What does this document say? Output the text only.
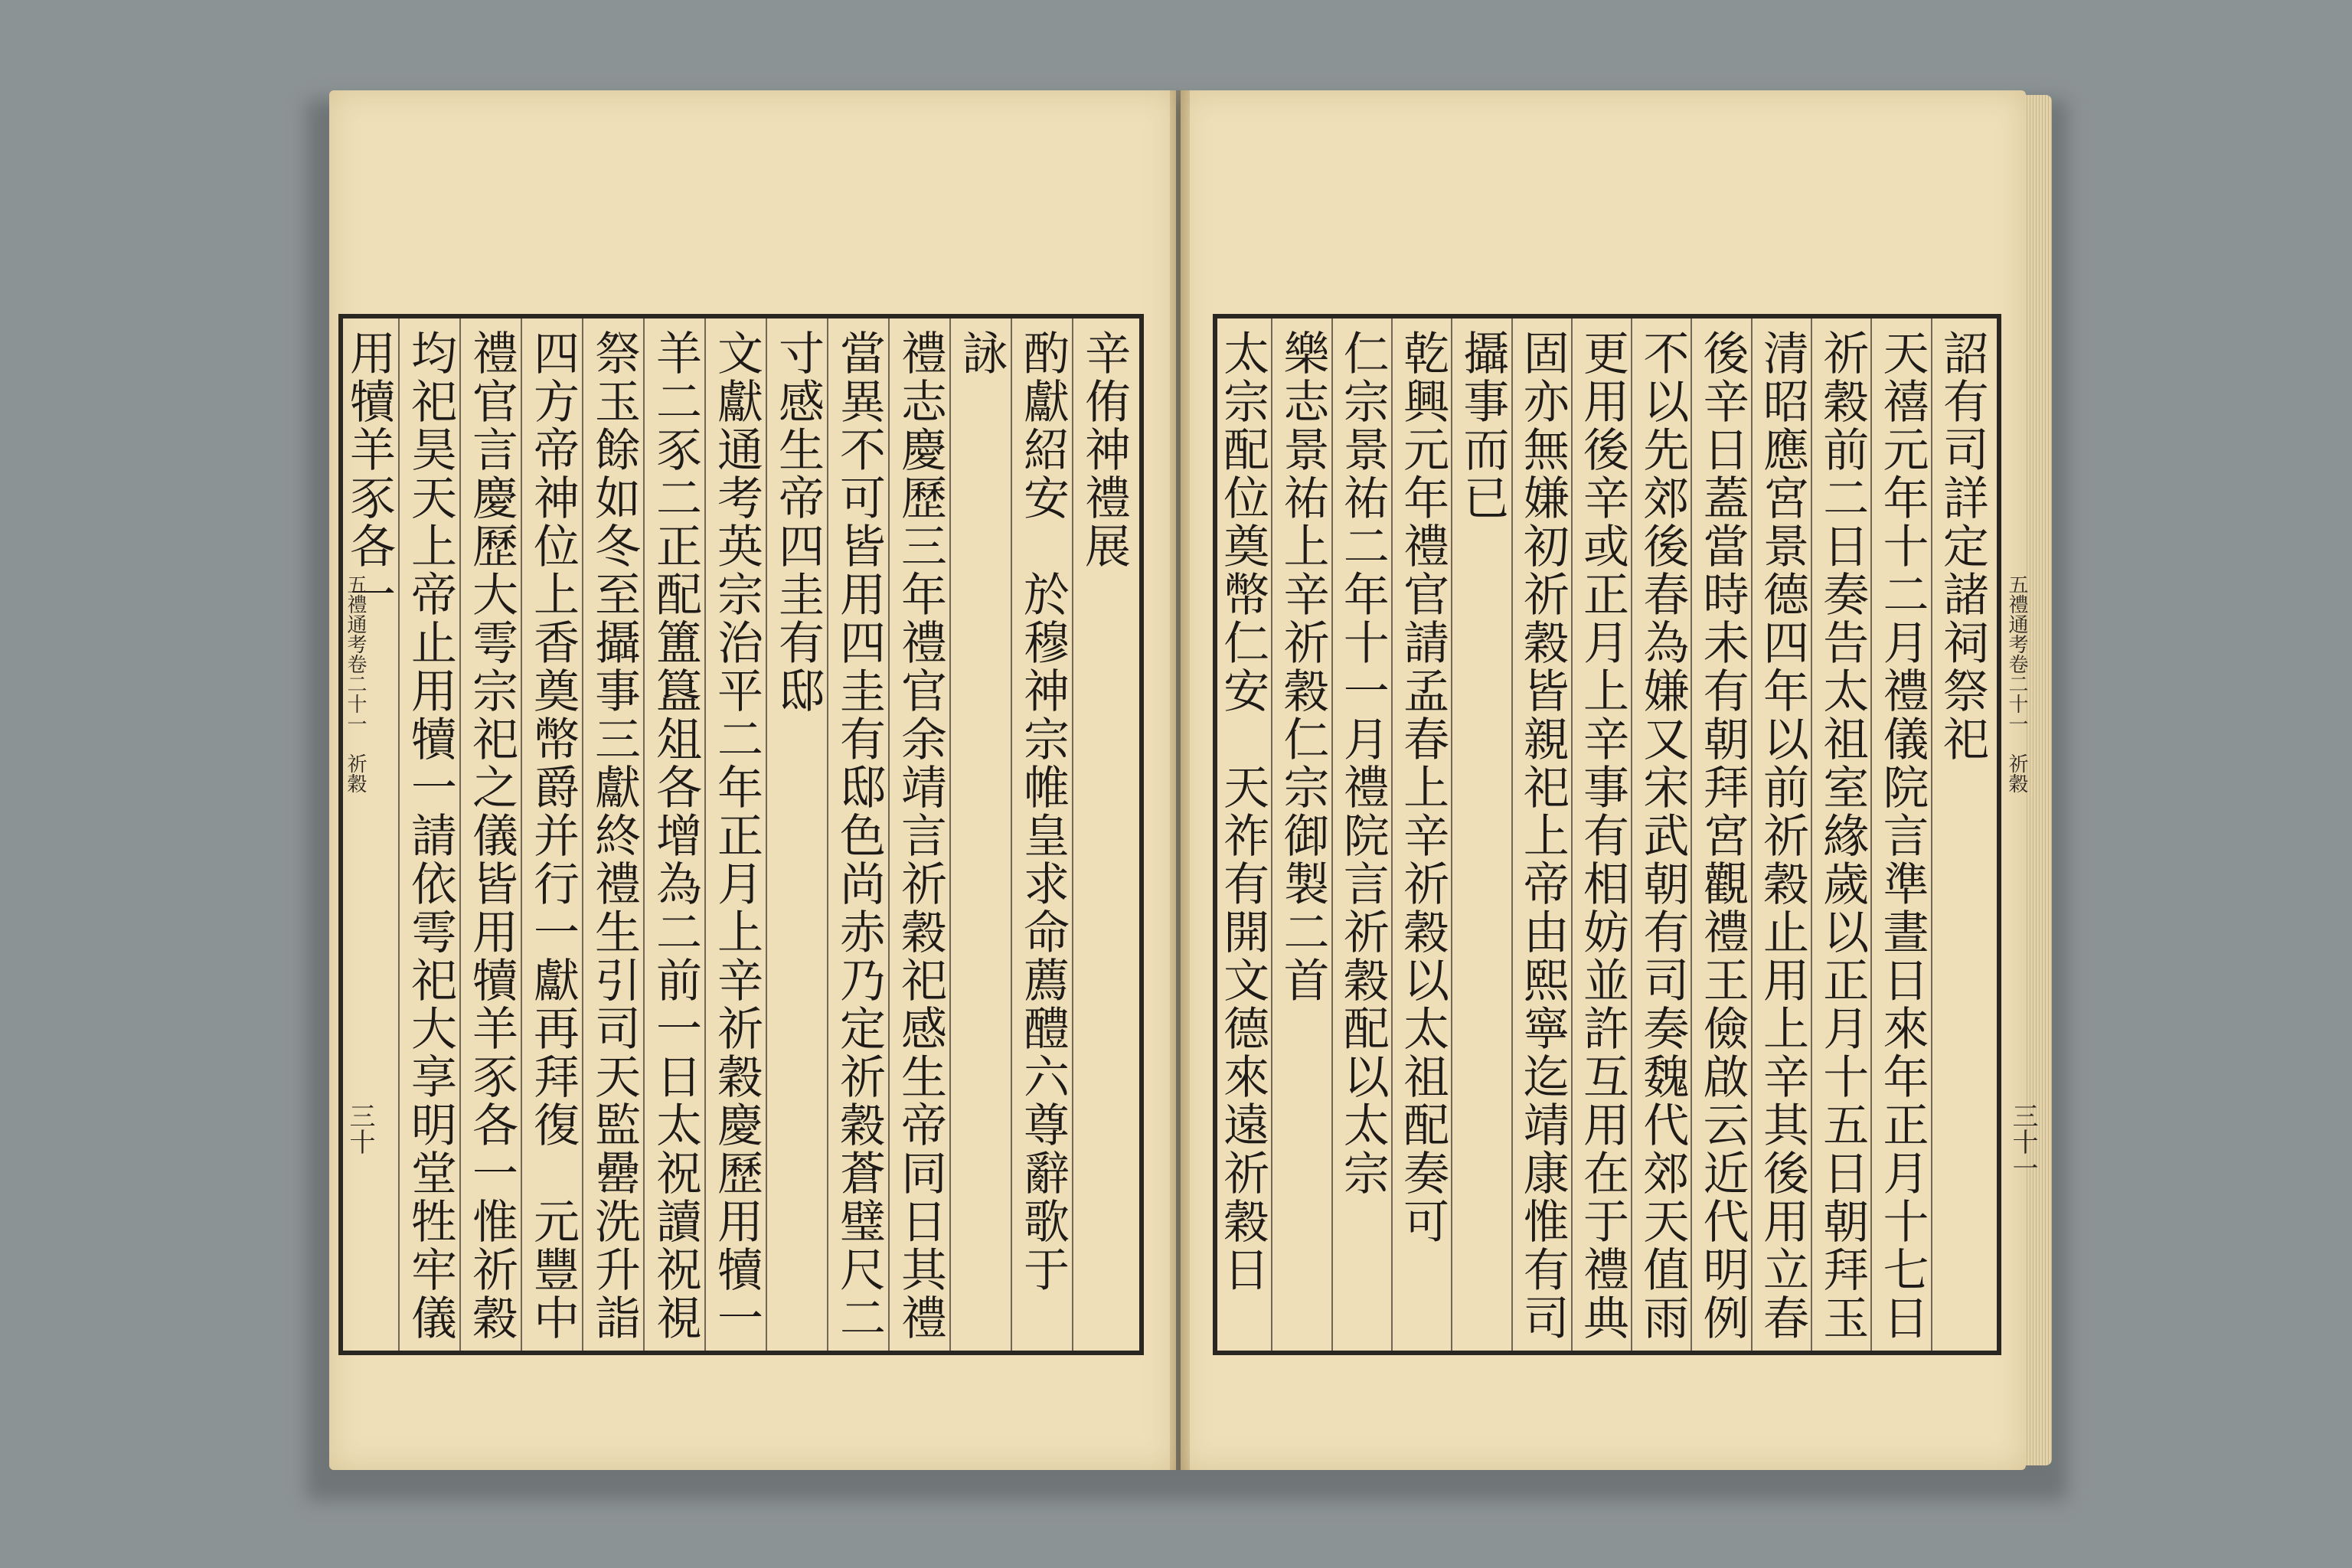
辛侑神禮展
酌獻紹安　於穆神宗帷皇求命薦醴六尊辭歌于
詠
禮志慶歷三年禮官余靖言祈穀祀感生帝同日其禮
當異不可皆用四圭有邸色尚赤乃定祈穀蒼璧尺二
寸感生帝四圭有邸
文獻通考英宗治平二年正月上辛祈穀慶歷用犢一
羊二豕二正配簠簋俎各增為二前一日太祝讀祝視
祭玉餘如冬至攝事三獻終禮生引司天監罍洗升詣
四方帝神位上香奠幣爵并行一獻再拜復　元豐中
禮官言慶歷大雩宗祀之儀皆用犢羊豕各一惟祈穀
均祀昊天上帝止用犢一請依雩祀大享明堂牲牢儀
用犢羊豕各一	詔有司詳定諸祠祭祀
天禧元年十二月禮儀院言準晝日來年正月十七日
祈穀前二日奏告太祖室緣歲以正月十五日朝拜玉
清昭應宮景德四年以前祈穀止用上辛其後用立春
後辛日蓋當時未有朝拜宮觀禮王儉啟云近代明例
不以先郊後春為嫌又宋武朝有司奏魏代郊天值雨
更用後辛或正月上辛事有相妨並許互用在于禮典
固亦無嫌初祈穀皆親祀上帝由熙寧迄靖康惟有司
攝事而已
乾興元年禮官請孟春上辛祈穀以太祖配奏可
仁宗景祐二年十一月禮院言祈穀配以太宗
樂志景祐上辛祈穀仁宗御製二首
太宗配位奠幣仁安　天祚有開文德來遠祈穀日
五禮通考卷二十一　祈穀
三十
五禮通考卷二十一　祈穀
三十一
